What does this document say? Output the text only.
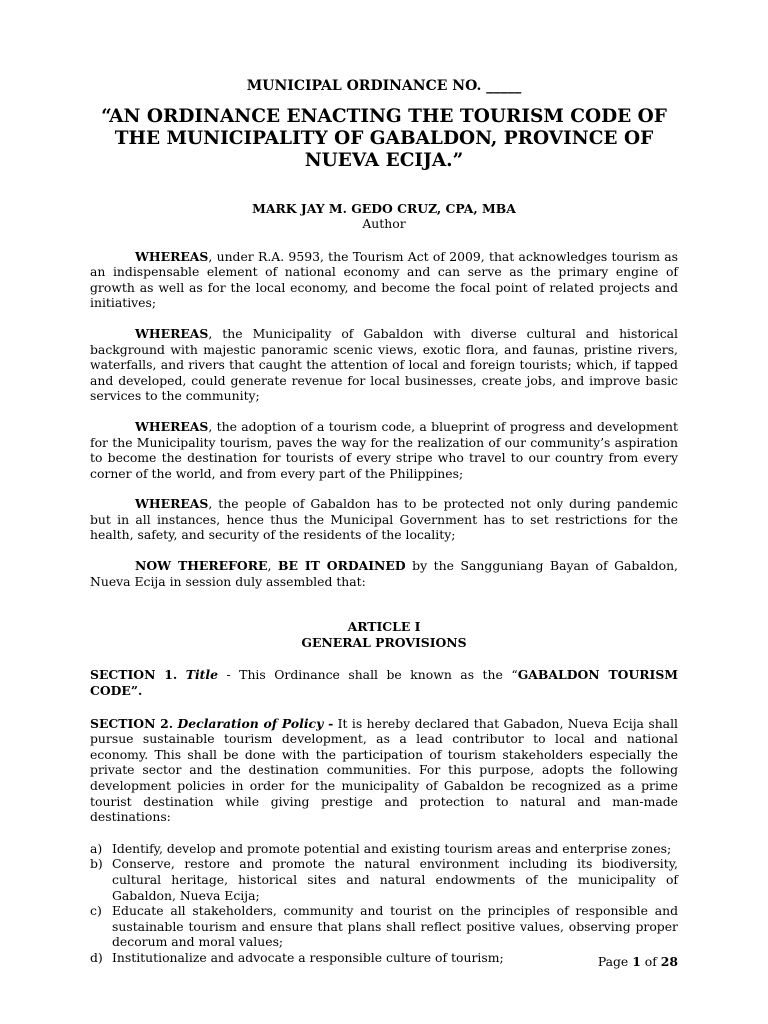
MUNICIPAL ORDINANCE NO. _____

“AN ORDINANCE ENACTING THE TOURISM CODE OF THE MUNICIPALITY OF GABALDON, PROVINCE OF NUEVA ECIJA.”

MARK JAY M. GEDO CRUZ, CPA, MBA

Author

WHEREAS, under R.A. 9593, the Tourism Act of 2009, that acknowledges tourism as an indispensable element of national economy and can serve as the primary engine of growth as well as for the local economy, and become the focal point of related projects and initiatives;

WHEREAS, the Municipality of Gabaldon with diverse cultural and historical background with majestic panoramic scenic views, exotic flora, and faunas, pristine rivers, waterfalls, and rivers that caught the attention of local and foreign tourists; which, if tapped and developed, could generate revenue for local businesses, create jobs, and improve basic services to the community;

WHEREAS, the adoption of a tourism code, a blueprint of progress and development for the Municipality tourism, paves the way for the realization of our community’s aspiration to become the destination for tourists of every stripe who travel to our country from every corner of the world, and from every part of the Philippines;

WHEREAS, the people of Gabaldon has to be protected not only during pandemic but in all instances, hence thus the Municipal Government has to set restrictions for the health, safety, and security of the residents of the locality;

NOW THEREFORE, BE IT ORDAINED by the Sangguniang Bayan of Gabaldon, Nueva Ecija in session duly assembled that:

ARTICLE I

GENERAL PROVISIONS

SECTION 1. Title - This Ordinance shall be known as the “GABALDON TOURISM CODE”.

SECTION 2. Declaration of Policy - It is hereby declared that Gabadon, Nueva Ecija shall pursue sustainable tourism development, as a lead contributor to local and national economy. This shall be done with the participation of tourism stakeholders especially the private sector and the destination communities. For this purpose, adopts the following development policies in order for the municipality of Gabaldon be recognized as a prime tourist destination while giving prestige and protection to natural and man-made destinations:

a) Identify, develop and promote potential and existing tourism areas and enterprise zones;
b) Conserve, restore and promote the natural environment including its biodiversity, cultural heritage, historical sites and natural endowments of the municipality of Gabaldon, Nueva Ecija;
c) Educate all stakeholders, community and tourist on the principles of responsible and sustainable tourism and ensure that plans shall reflect positive values, observing proper decorum and moral values;
d) Institutionalize and advocate a responsible culture of tourism;	Page 1 of 28
